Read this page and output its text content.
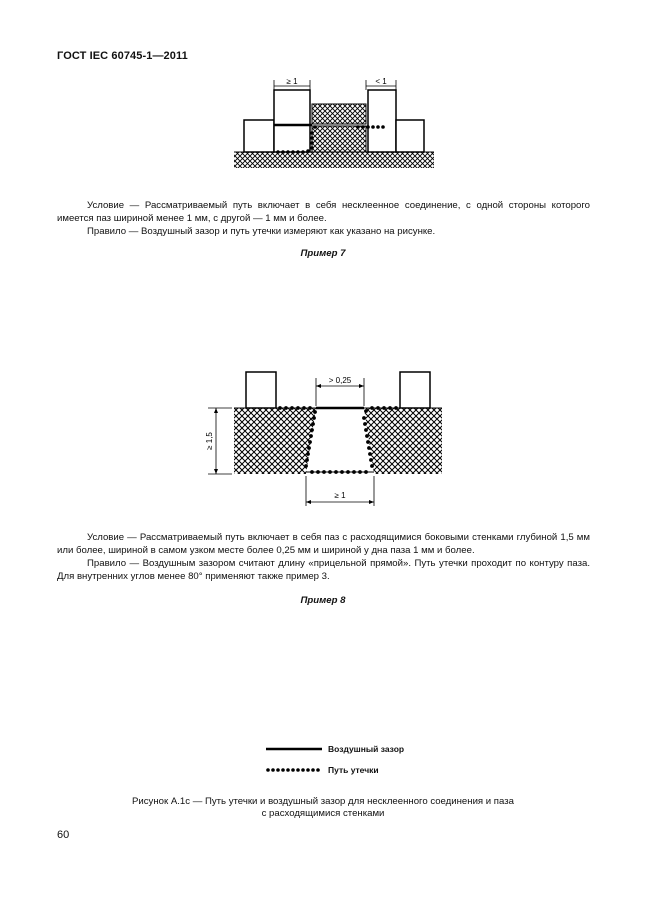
ГОСТ IEC 60745-1—2011
≥ 1	< 1
Условие — Рассматриваемый путь включает в себя несклеенное соединение, с одной стороны которого имеется паз шириной менее 1 мм, с другой — 1 мм и более.
Правило — Воздушный зазор и путь утечки измеряют как указано на рисунке.
Пример 7
> 0,25
≥ 1,5
≥ 1
Условие — Рассматриваемый путь включает в себя паз с расходящимися боковыми стенками глубиной 1,5 мм или более, шириной в самом узком месте более 0,25 мм и шириной у дна паза 1 мм и более.
Правило — Воздушным зазором считают длину «прицельной прямой». Путь утечки проходит по контуру паза. Для внутренних углов менее 80° применяют также пример 3.
Пример 8
Воздушный зазор
Путь утечки
Рисунок А.1с — Путь утечки и воздушный зазор для несклеенного соединения и паза
с расходящимися стенками
60
